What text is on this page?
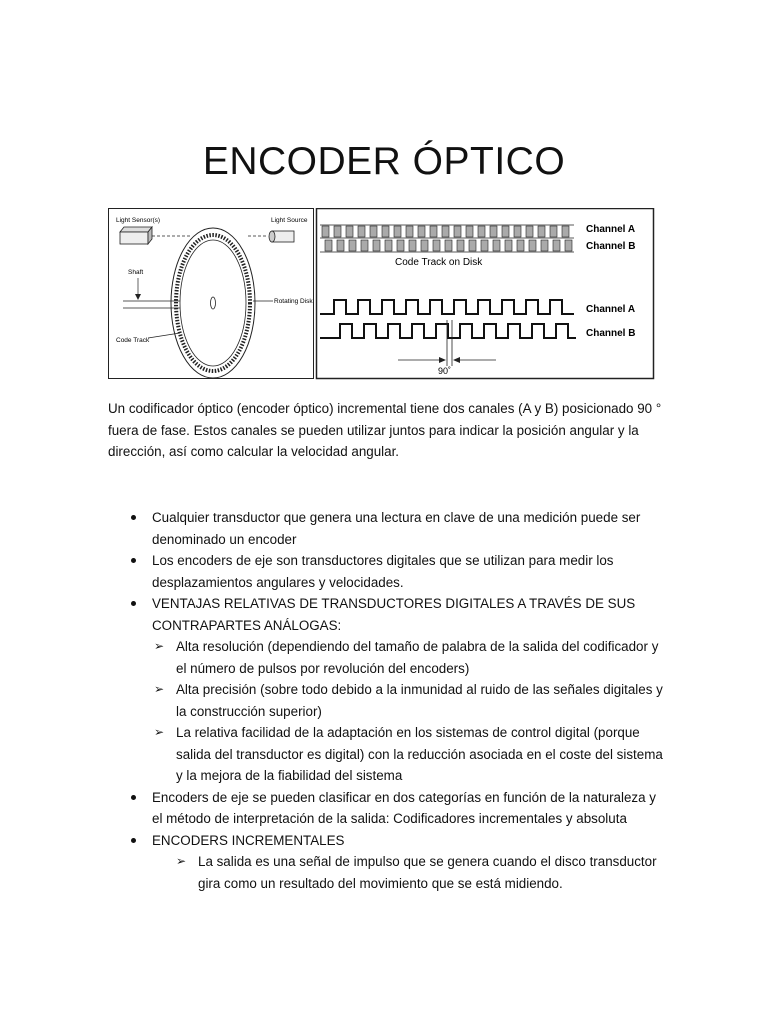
ENCODER ÓPTICO
Light Sensor(s)	Light Source
Shaft
Rotating Disk
Code Track
Channel A
Channel B
Code Track on Disk
Channel A
Channel B
90˚
Un codificador óptico (encoder óptico) incremental tiene dos canales (A y B) posicionado 90 ° fuera de fase. Estos canales se pueden utilizar juntos para indicar la posición angular y la dirección, así como calcular la velocidad angular.
Cualquier transductor que genera una lectura en clave de una medición puede ser denominado un encoder
Los encoders de eje son transductores digitales que se utilizan para medir los desplazamientos angulares y velocidades.
VENTAJAS RELATIVAS DE TRANSDUCTORES DIGITALES A TRAVÉS DE SUS CONTRAPARTES ANÁLOGAS:
➢ Alta resolución (dependiendo del tamaño de palabra de la salida del codificador y el número de pulsos por revolución del encoders)
➢ Alta precisión (sobre todo debido a la inmunidad al ruido de las señales digitales y la construcción superior)
➢ La relativa facilidad de la adaptación en los sistemas de control digital (porque salida del transductor es digital) con la reducción asociada en el coste del sistema y la mejora de la fiabilidad del sistema
Encoders de eje se pueden clasificar en dos categorías en función de la naturaleza y el método de interpretación de la salida: Codificadores incrementales y absoluta
ENCODERS INCREMENTALES
➢ La salida es una señal de impulso que se genera cuando el disco transductor gira como un resultado del movimiento que se está midiendo.
